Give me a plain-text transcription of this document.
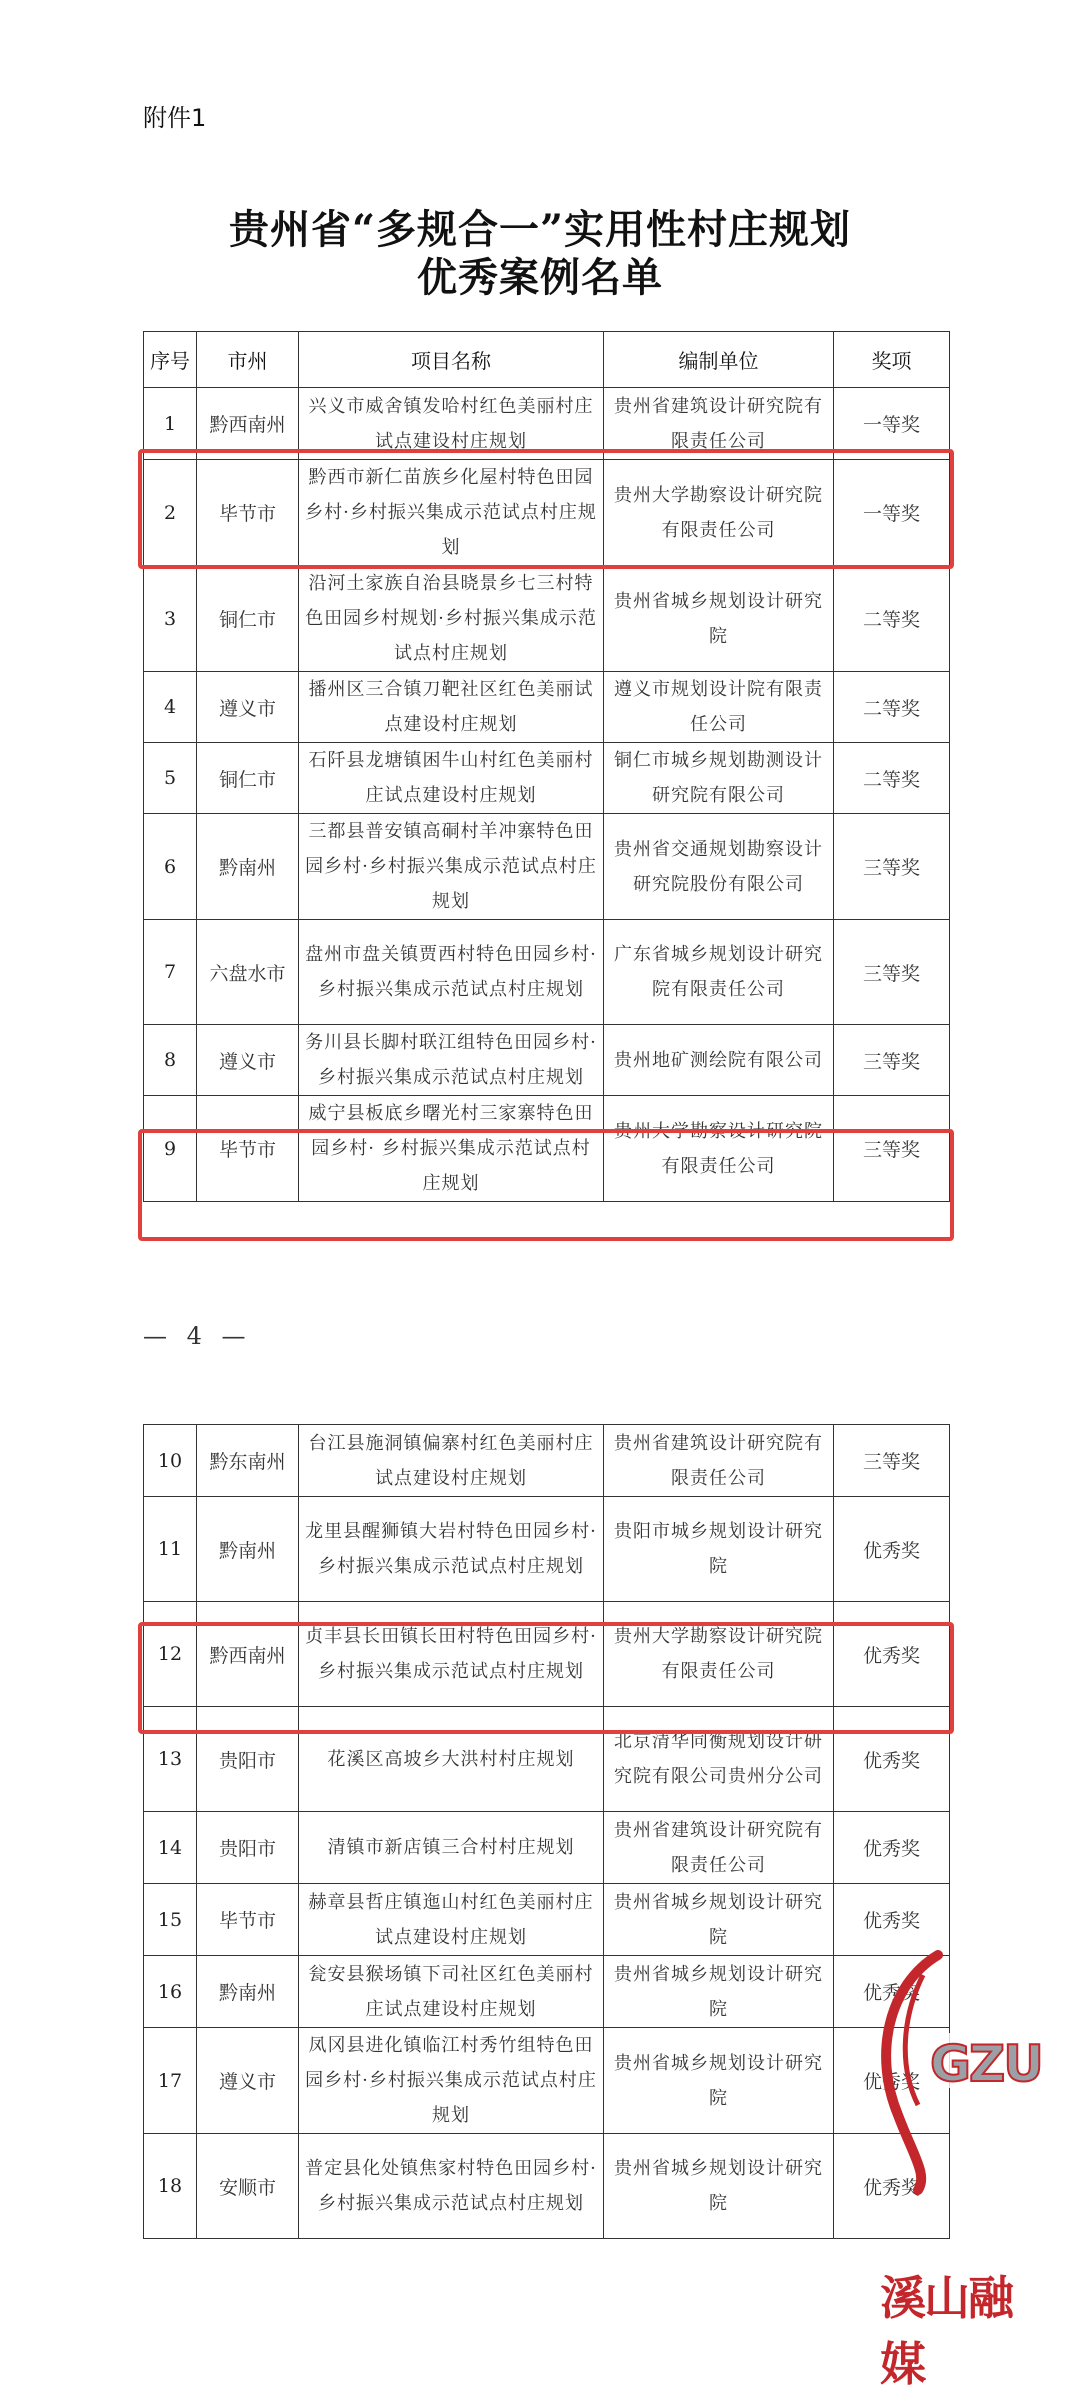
附件1
贵州省“多规合一”实用性村庄规划
优秀案例名单
序号	市州	项目名称	编制单位	奖项
1	黔西南州	兴义市威舍镇发哈村红色美丽村庄试点建设村庄规划	贵州省建筑设计研究院有限责任公司	一等奖
2	毕节市	黔西市新仁苗族乡化屋村特色田园乡村·乡村振兴集成示范试点村庄规划	贵州大学勘察设计研究院有限责任公司	一等奖
3	铜仁市	沿河土家族自治县晓景乡七三村特色田园乡村规划·乡村振兴集成示范试点村庄规划	贵州省城乡规划设计研究院	二等奖
4	遵义市	播州区三合镇刀靶社区红色美丽试点建设村庄规划	遵义市规划设计院有限责任公司	二等奖
5	铜仁市	石阡县龙塘镇困牛山村红色美丽村庄试点建设村庄规划	铜仁市城乡规划勘测设计研究院有限公司	二等奖
6	黔南州	三都县普安镇高硐村羊冲寨特色田园乡村·乡村振兴集成示范试点村庄规划	贵州省交通规划勘察设计研究院股份有限公司	三等奖
7	六盘水市	盘州市盘关镇贾西村特色田园乡村·乡村振兴集成示范试点村庄规划	广东省城乡规划设计研究院有限责任公司	三等奖
8	遵义市	务川县长脚村联江组特色田园乡村·乡村振兴集成示范试点村庄规划	贵州地矿测绘院有限公司	三等奖
9	毕节市	威宁县板底乡曙光村三家寨特色田园乡村· 乡村振兴集成示范试点村庄规划	贵州大学勘察设计研究院有限责任公司	三等奖
— 4 —
10	黔东南州	台江县施洞镇偏寨村红色美丽村庄试点建设村庄规划	贵州省建筑设计研究院有限责任公司	三等奖
11	黔南州	龙里县醒狮镇大岩村特色田园乡村·乡村振兴集成示范试点村庄规划	贵阳市城乡规划设计研究院	优秀奖
12	黔西南州	贞丰县长田镇长田村特色田园乡村·乡村振兴集成示范试点村庄规划	贵州大学勘察设计研究院有限责任公司	优秀奖
13	贵阳市	花溪区高坡乡大洪村村庄规划	北京清华同衡规划设计研究院有限公司贵州分公司	优秀奖
14	贵阳市	清镇市新店镇三合村村庄规划	贵州省建筑设计研究院有限责任公司	优秀奖
15	毕节市	赫章县哲庄镇迤山村红色美丽村庄试点建设村庄规划	贵州省城乡规划设计研究院	优秀奖
16	黔南州	瓮安县猴场镇下司社区红色美丽村庄试点建设村庄规划	贵州省城乡规划设计研究院	优秀奖
17	遵义市	凤冈县进化镇临江村秀竹组特色田园乡村·乡村振兴集成示范试点村庄规划	贵州省城乡规划设计研究院	优秀奖
18	安顺市	普定县化处镇焦家村特色田园乡村·乡村振兴集成示范试点村庄规划	贵州省城乡规划设计研究院	优秀奖
GZU
溪山融媒
